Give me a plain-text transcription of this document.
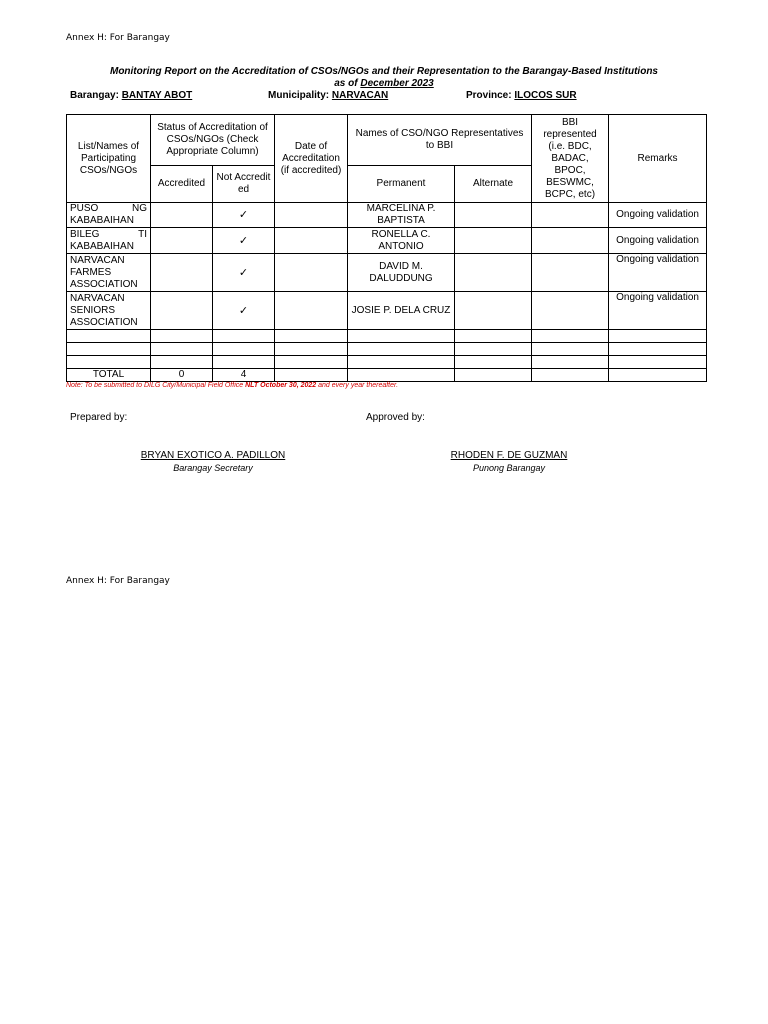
Annex H: For Barangay
Monitoring Report on the Accreditation of CSOs/NGOs and their Representation to the Barangay-Based Institutions
as of December 2023
Barangay: BANTAY ABOT	Municipality: NARVACAN	Province: ILOCOS SUR
List/Names of Participating CSOs/NGOs	Status of Accreditation of CSOs/NGOs (Check Appropriate Column)		Date of Accreditation (if accredited)	Names of CSO/NGO Representatives to BBI		BBI represented (i.e. BDC, BADAC, BPOC, BESWMC, BCPC, etc)	Remarks
	Accredited	Not Accredited		Permanent	Alternate		
PUSO NG KABABAIHAN		✓		MARCELINA P. BAPTISTA			Ongoing validation
BILEG TI KABABAIHAN		✓		RONELLA C. ANTONIO			Ongoing validation
NARVACAN FARMES ASSOCIATION		✓		DAVID M. DALUDDUNG			Ongoing validation
NARVACAN SENIORS ASSOCIATION		✓		JOSIE P. DELA CRUZ			Ongoing validation

TOTAL	0	4					
Note: To be submitted to DILG City/Municipal Field Office NLT October 30, 2022 and every year thereafter.
Prepared by:	Approved by:
BRYAN EXOTICO A. PADILLON
Barangay Secretary
RHODEN F. DE GUZMAN
Punong Barangay
Annex H: For Barangay
